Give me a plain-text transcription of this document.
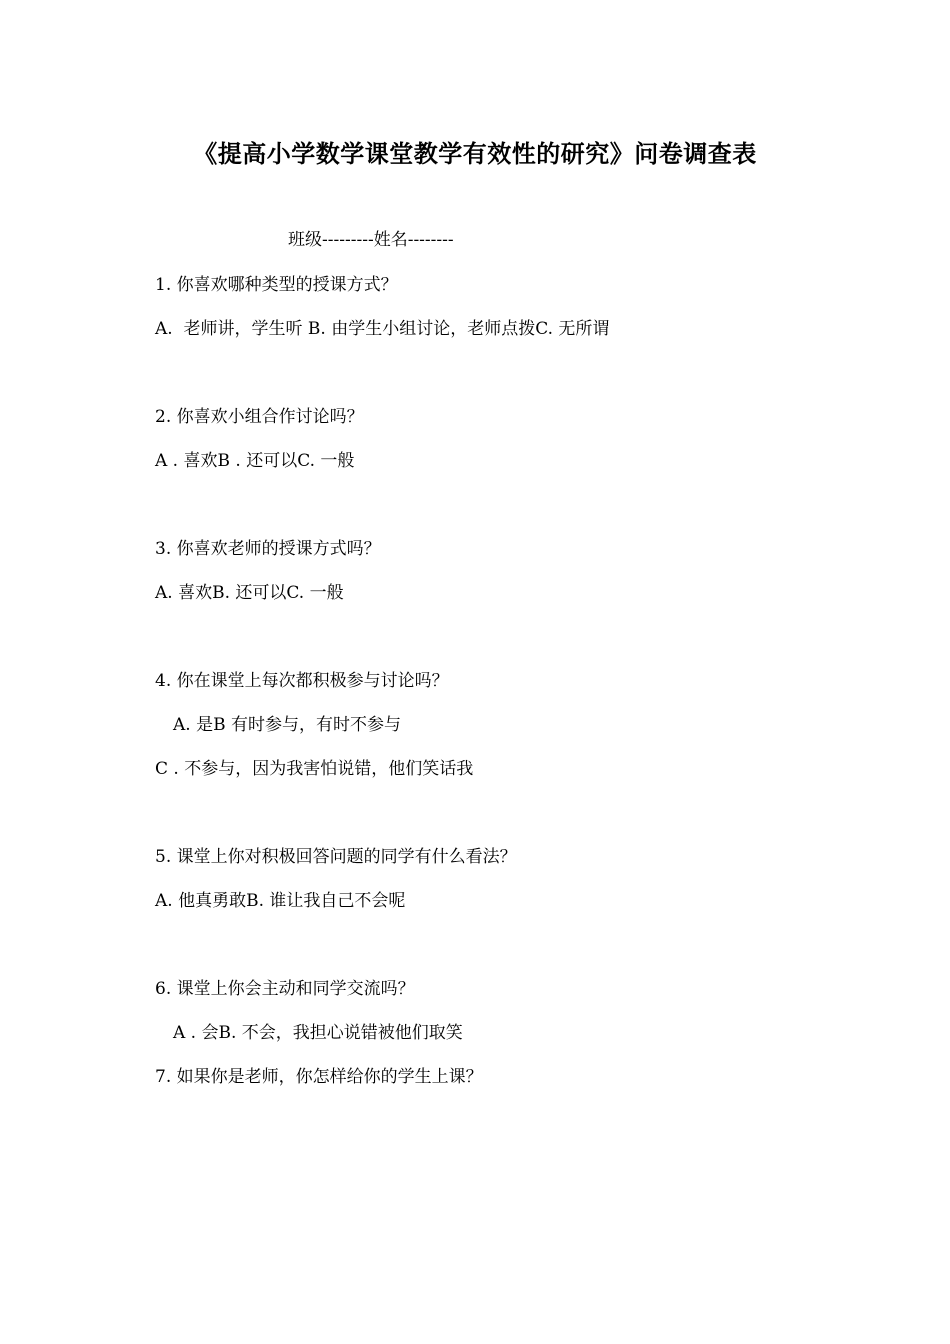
《提高小学数学课堂教学有效性的研究》问卷调查表
班级---------姓名--------
1. 你喜欢哪种类型的授课方式？
A.  老师讲，学生听 B. 由学生小组讨论，老师点拨C. 无所谓
2. 你喜欢小组合作讨论吗？
A . 喜欢B . 还可以C. 一般
3. 你喜欢老师的授课方式吗？
A. 喜欢B. 还可以C. 一般
4. 你在课堂上每次都积极参与讨论吗？
A. 是B 有时参与，有时不参与
C . 不参与，因为我害怕说错，他们笑话我
5. 课堂上你对积极回答问题的同学有什么看法？
A. 他真勇敢B. 谁让我自己不会呢
6. 课堂上你会主动和同学交流吗？
A . 会B. 不会，我担心说错被他们取笑
7. 如果你是老师，你怎样给你的学生上课？
